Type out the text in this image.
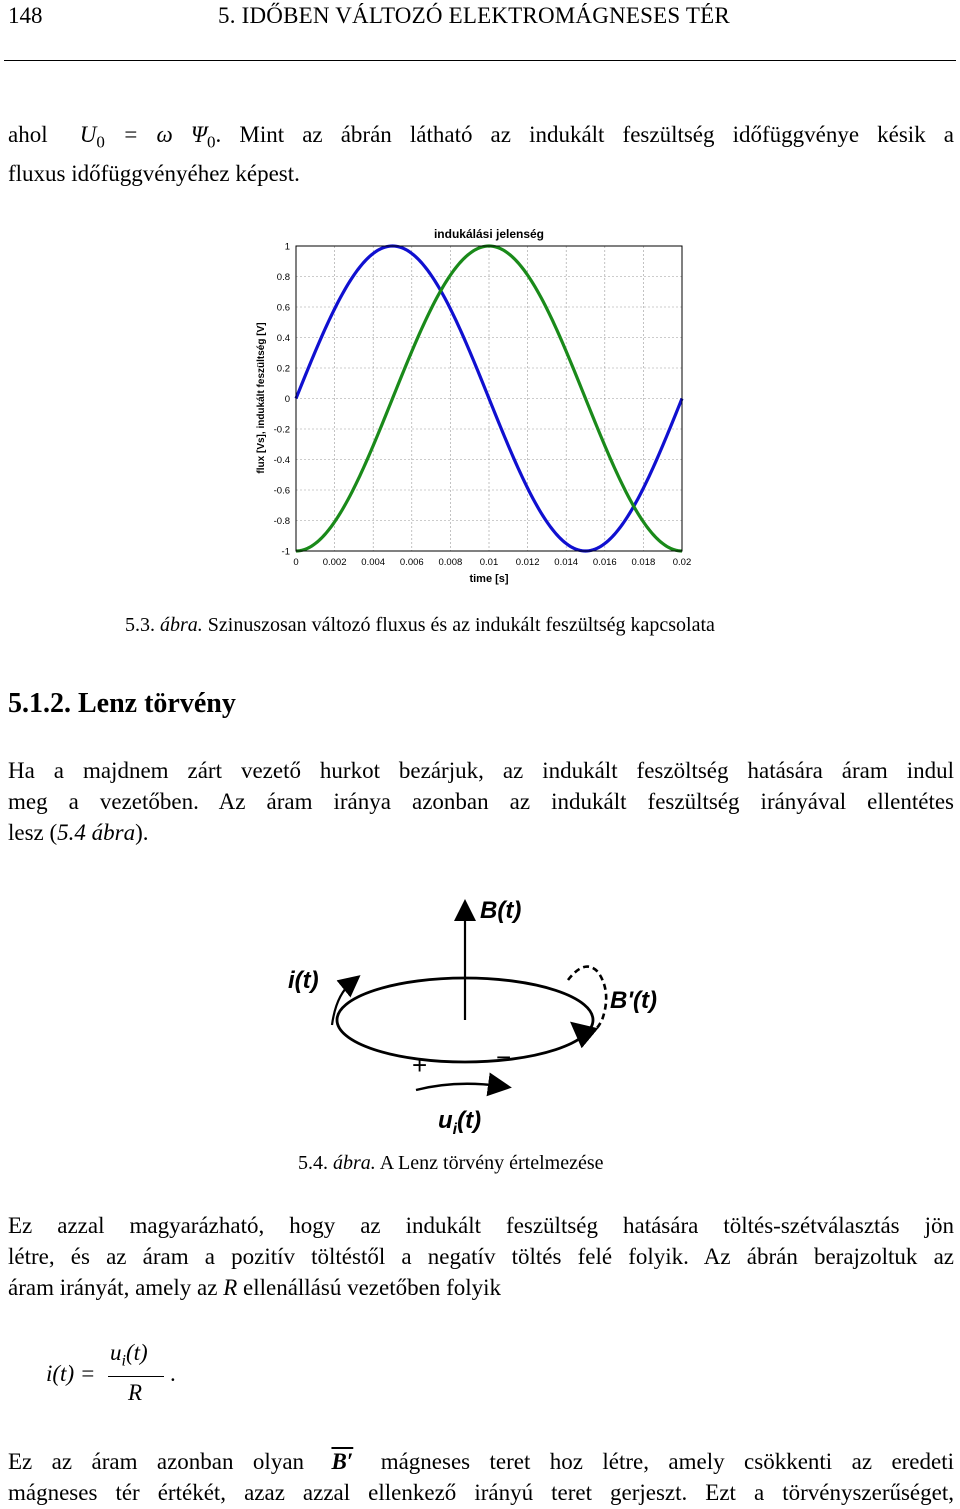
148	5. IDŐBEN VÁLTOZÓ ELEKTROMÁGNESES TÉR
ahol $U_0 = \omega$ $\Psi_0$. Mint az ábrán látható az indukált feszültség időfüggvénye késik a
fluxus időfüggvényéhez képest.
0	0.002 0.004 0.006 0.008 0.01 0.012 0.014 0.016 0.018 0.02
1
0.8
0.6
0.4
0.2
0
-0.2
-0.4
-0.6
-0.8
-1
indukálási jelenség
time [s]
flux [Vs], indukált feszültség [V]
5.3. ábra. Szinuszosan változó fluxus és az indukált feszültség kapcsolata
5.1.2. Lenz törvény
Ha a majdnem zárt vezető hurkot bezárjuk, az indukált feszöltség hatására áram indul
meg a vezetőben. Az áram iránya azonban az indukált feszültség irányával ellentétes
lesz (5.4 ábra).
B(t)
i(t)
B'(t)
+	−
$u_i(t)$
5.4. ábra. A Lenz törvény értelmezése
Ez azzal magyarázható, hogy az indukált feszültség hatására töltés-szétválasztás jön
létre, és az áram a pozitív töltéstől a negatív töltés felé folyik. Az ábrán berajzoltuk az
áram irányát, amely az R ellenállású vezetőben folyik
i(t) =
$u_i(t)$
R
.
Ez az áram azonban olyan B′ mágneses teret hoz létre, amely csökkenti az eredeti
mágneses tér értékét, azaz azzal ellenkező irányú teret gerjeszt. Ezt a törvényszerűséget,
